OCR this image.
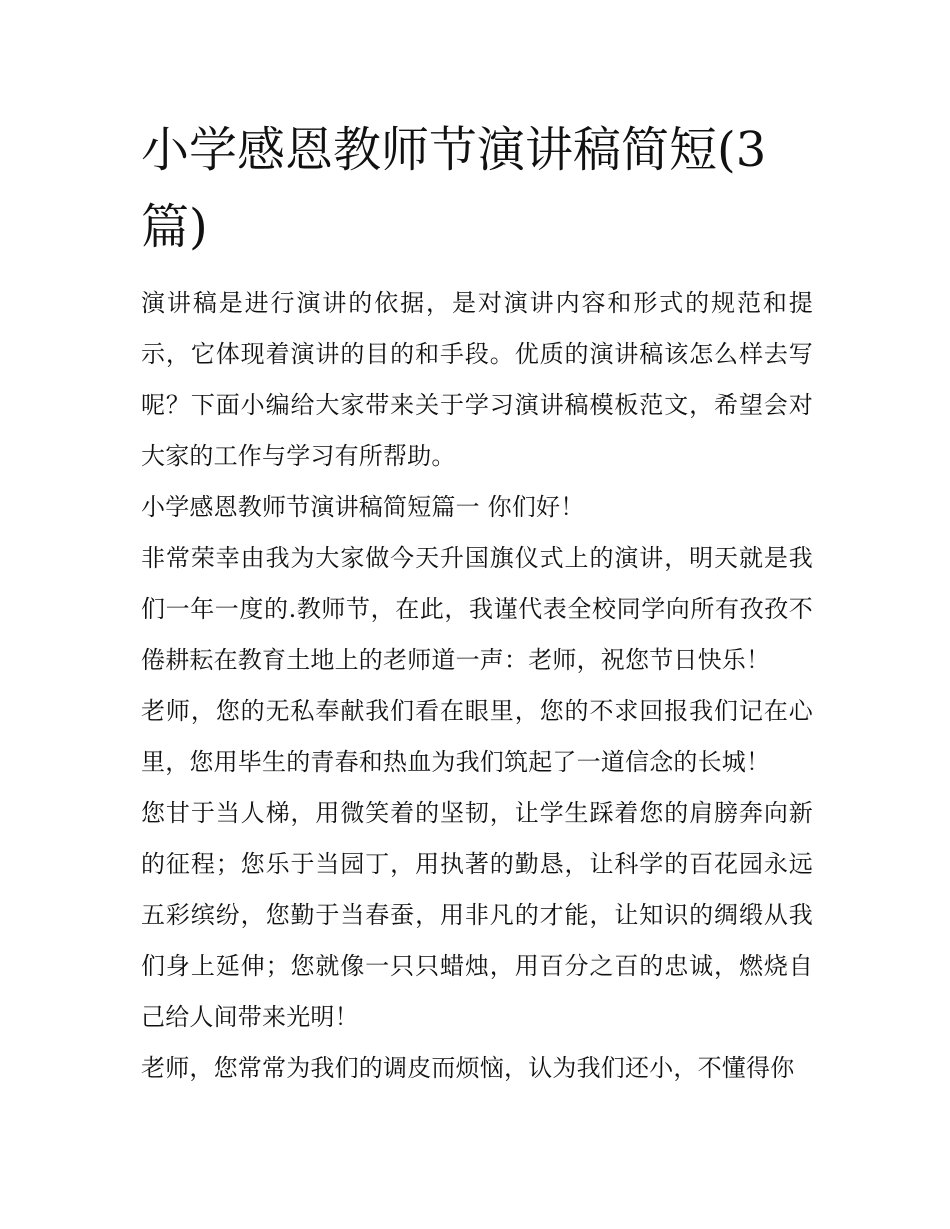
小学感恩教师节演讲稿简短(3篇)

演讲稿是进行演讲的依据，是对演讲内容和形式的规范和提示，它体现着演讲的目的和手段。优质的演讲稿该怎么样去写呢？下面小编给大家带来关于学习演讲稿模板范文，希望会对大家的工作与学习有所帮助。

小学感恩教师节演讲稿简短篇一 你们好！

非常荣幸由我为大家做今天升国旗仪式上的演讲，明天就是我们一年一度的.教师节，在此，我谨代表全校同学向所有孜孜不倦耕耘在教育土地上的老师道一声：老师，祝您节日快乐！

老师，您的无私奉献我们看在眼里，您的不求回报我们记在心里，您用毕生的青春和热血为我们筑起了一道信念的长城！

您甘于当人梯，用微笑着的坚韧，让学生踩着您的肩膀奔向新的征程；您乐于当园丁，用执著的勤恳，让科学的百花园永远五彩缤纷，您勤于当春蚕，用非凡的才能，让知识的绸缎从我们身上延伸；您就像一只只蜡烛，用百分之百的忠诚，燃烧自己给人间带来光明！

老师，您常常为我们的调皮而烦恼，认为我们还小，不懂得你
